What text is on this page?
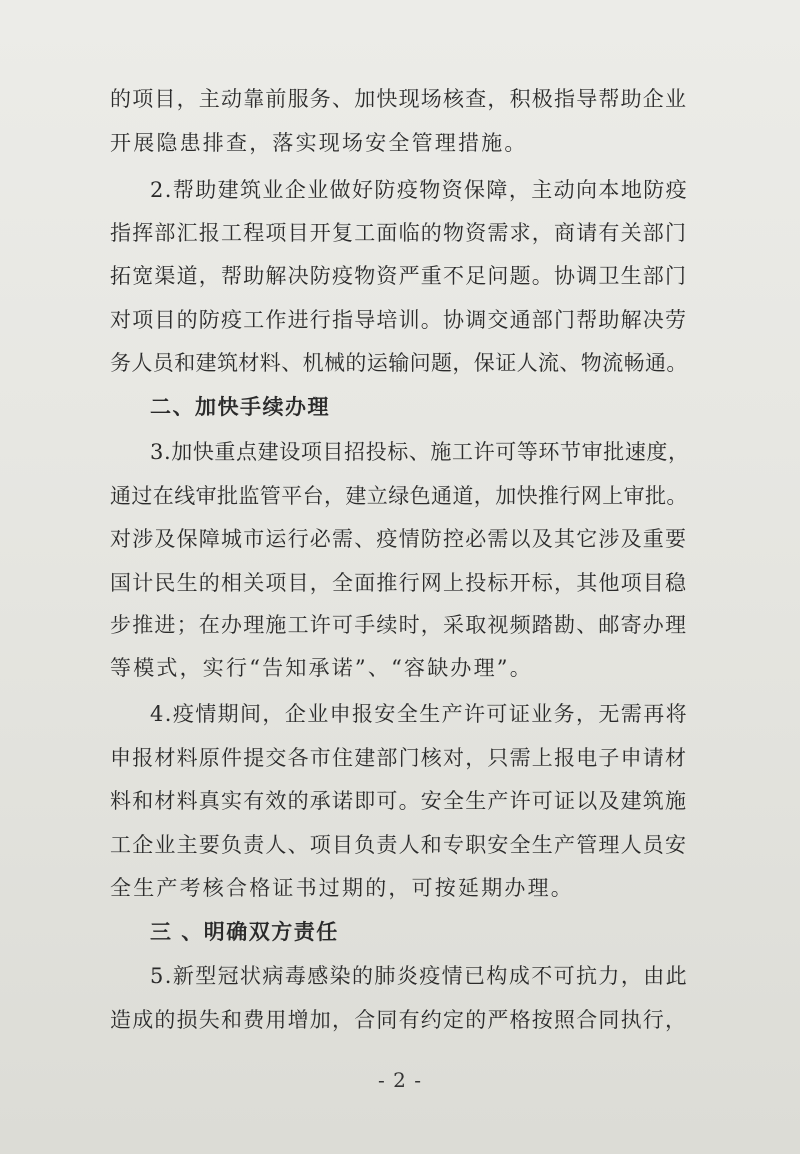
的项目，主动靠前服务、加快现场核查，积极指导帮助企业
开展隐患排查，落实现场安全管理措施。
2.帮助建筑业企业做好防疫物资保障，主动向本地防疫
指挥部汇报工程项目开复工面临的物资需求，商请有关部门
拓宽渠道，帮助解决防疫物资严重不足问题。协调卫生部门
对项目的防疫工作进行指导培训。协调交通部门帮助解决劳
务人员和建筑材料、机械的运输问题，保证人流、物流畅通。
二、加快手续办理
3.加快重点建设项目招投标、施工许可等环节审批速度，
通过在线审批监管平台，建立绿色通道，加快推行网上审批。
对涉及保障城市运行必需、疫情防控必需以及其它涉及重要
国计民生的相关项目，全面推行网上投标开标，其他项目稳
步推进；在办理施工许可手续时，采取视频踏勘、邮寄办理
等模式，实行“告知承诺”、“容缺办理”。
4.疫情期间，企业申报安全生产许可证业务，无需再将
申报材料原件提交各市住建部门核对，只需上报电子申请材
料和材料真实有效的承诺即可。安全生产许可证以及建筑施
工企业主要负责人、项目负责人和专职安全生产管理人员安
全生产考核合格证书过期的，可按延期办理。
三 、明确双方责任
5.新型冠状病毒感染的肺炎疫情已构成不可抗力，由此
造成的损失和费用增加，合同有约定的严格按照合同执行，
- 2 -
